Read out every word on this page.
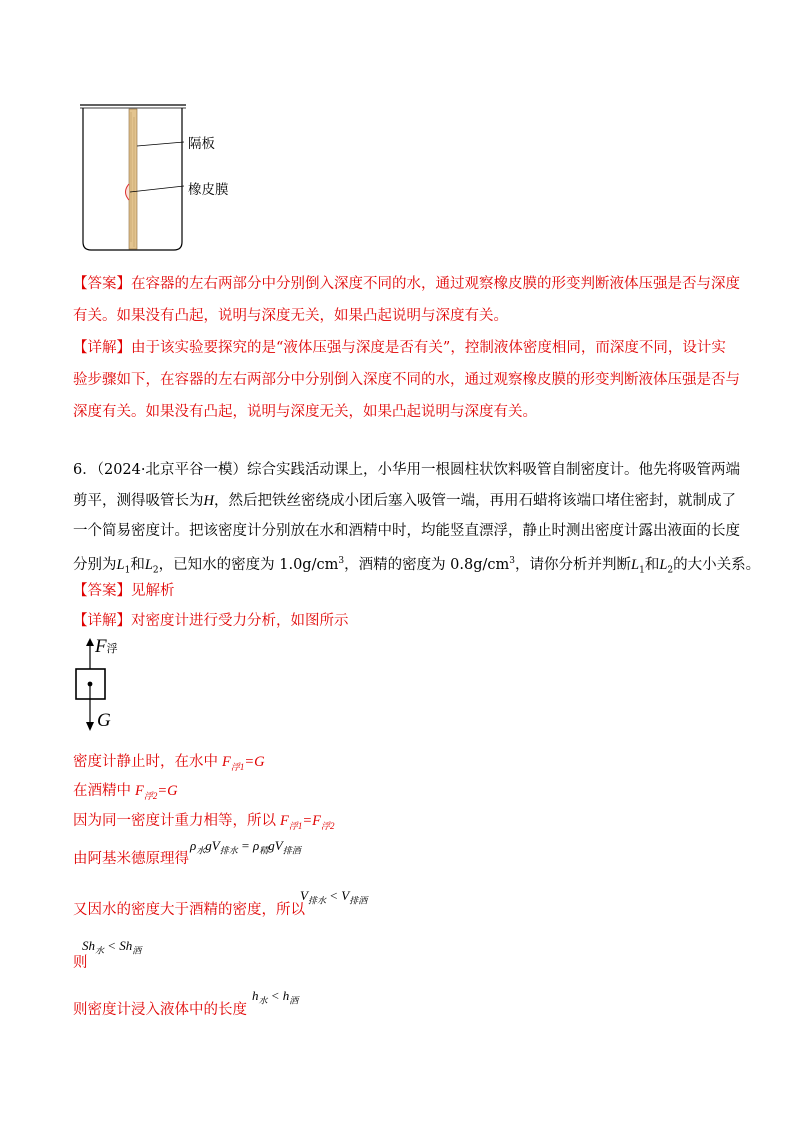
隔板
橡皮膜
【答案】在容器的左右两部分中分别倒入深度不同的水，通过观察橡皮膜的形变判断液体压强是否与深度
有关。如果没有凸起，说明与深度无关，如果凸起说明与深度有关。
【详解】由于该实验要探究的是“液体压强与深度是否有关”，控制液体密度相同，而深度不同，设计实
验步骤如下，在容器的左右两部分中分别倒入深度不同的水，通过观察橡皮膜的形变判断液体压强是否与
深度有关。如果没有凸起，说明与深度无关，如果凸起说明与深度有关。
6．（2024·北京平谷一模）综合实践活动课上，小华用一根圆柱状饮料吸管自制密度计。他先将吸管两端
剪平，测得吸管长为H，然后把铁丝密绕成小团后塞入吸管一端，再用石蜡将该端口堵住密封，就制成了
一个简易密度计。把该密度计分别放在水和酒精中时，均能竖直漂浮，静止时测出密度计露出液面的长度
分别为$L_1$和$L_2$，已知水的密度为 $1.0g/cm^3$，酒精的密度为 $0.8g/cm^3$，请你分析并判断$L_1$和$L_2$的大小关系。
【答案】见解析
【详解】对密度计进行受力分析，如图所示
F浮
G
密度计静止时，在水中 $F_{浮1}=G$
在酒精中 $F_{浮2}=G$
因为同一密度计重力相等，所以 $F_{浮1}=F_{浮2}$
由阿基米德原理得
$\rho_水gV_{排水} = \rho_精gV_{排酒}$
又因水的密度大于酒精的密度，所以
$V_{排水} < V_{排酒}$
$Sh_水 < Sh_酒$
则
则密度计浸入液体中的长度
$h_水 < h_酒$
